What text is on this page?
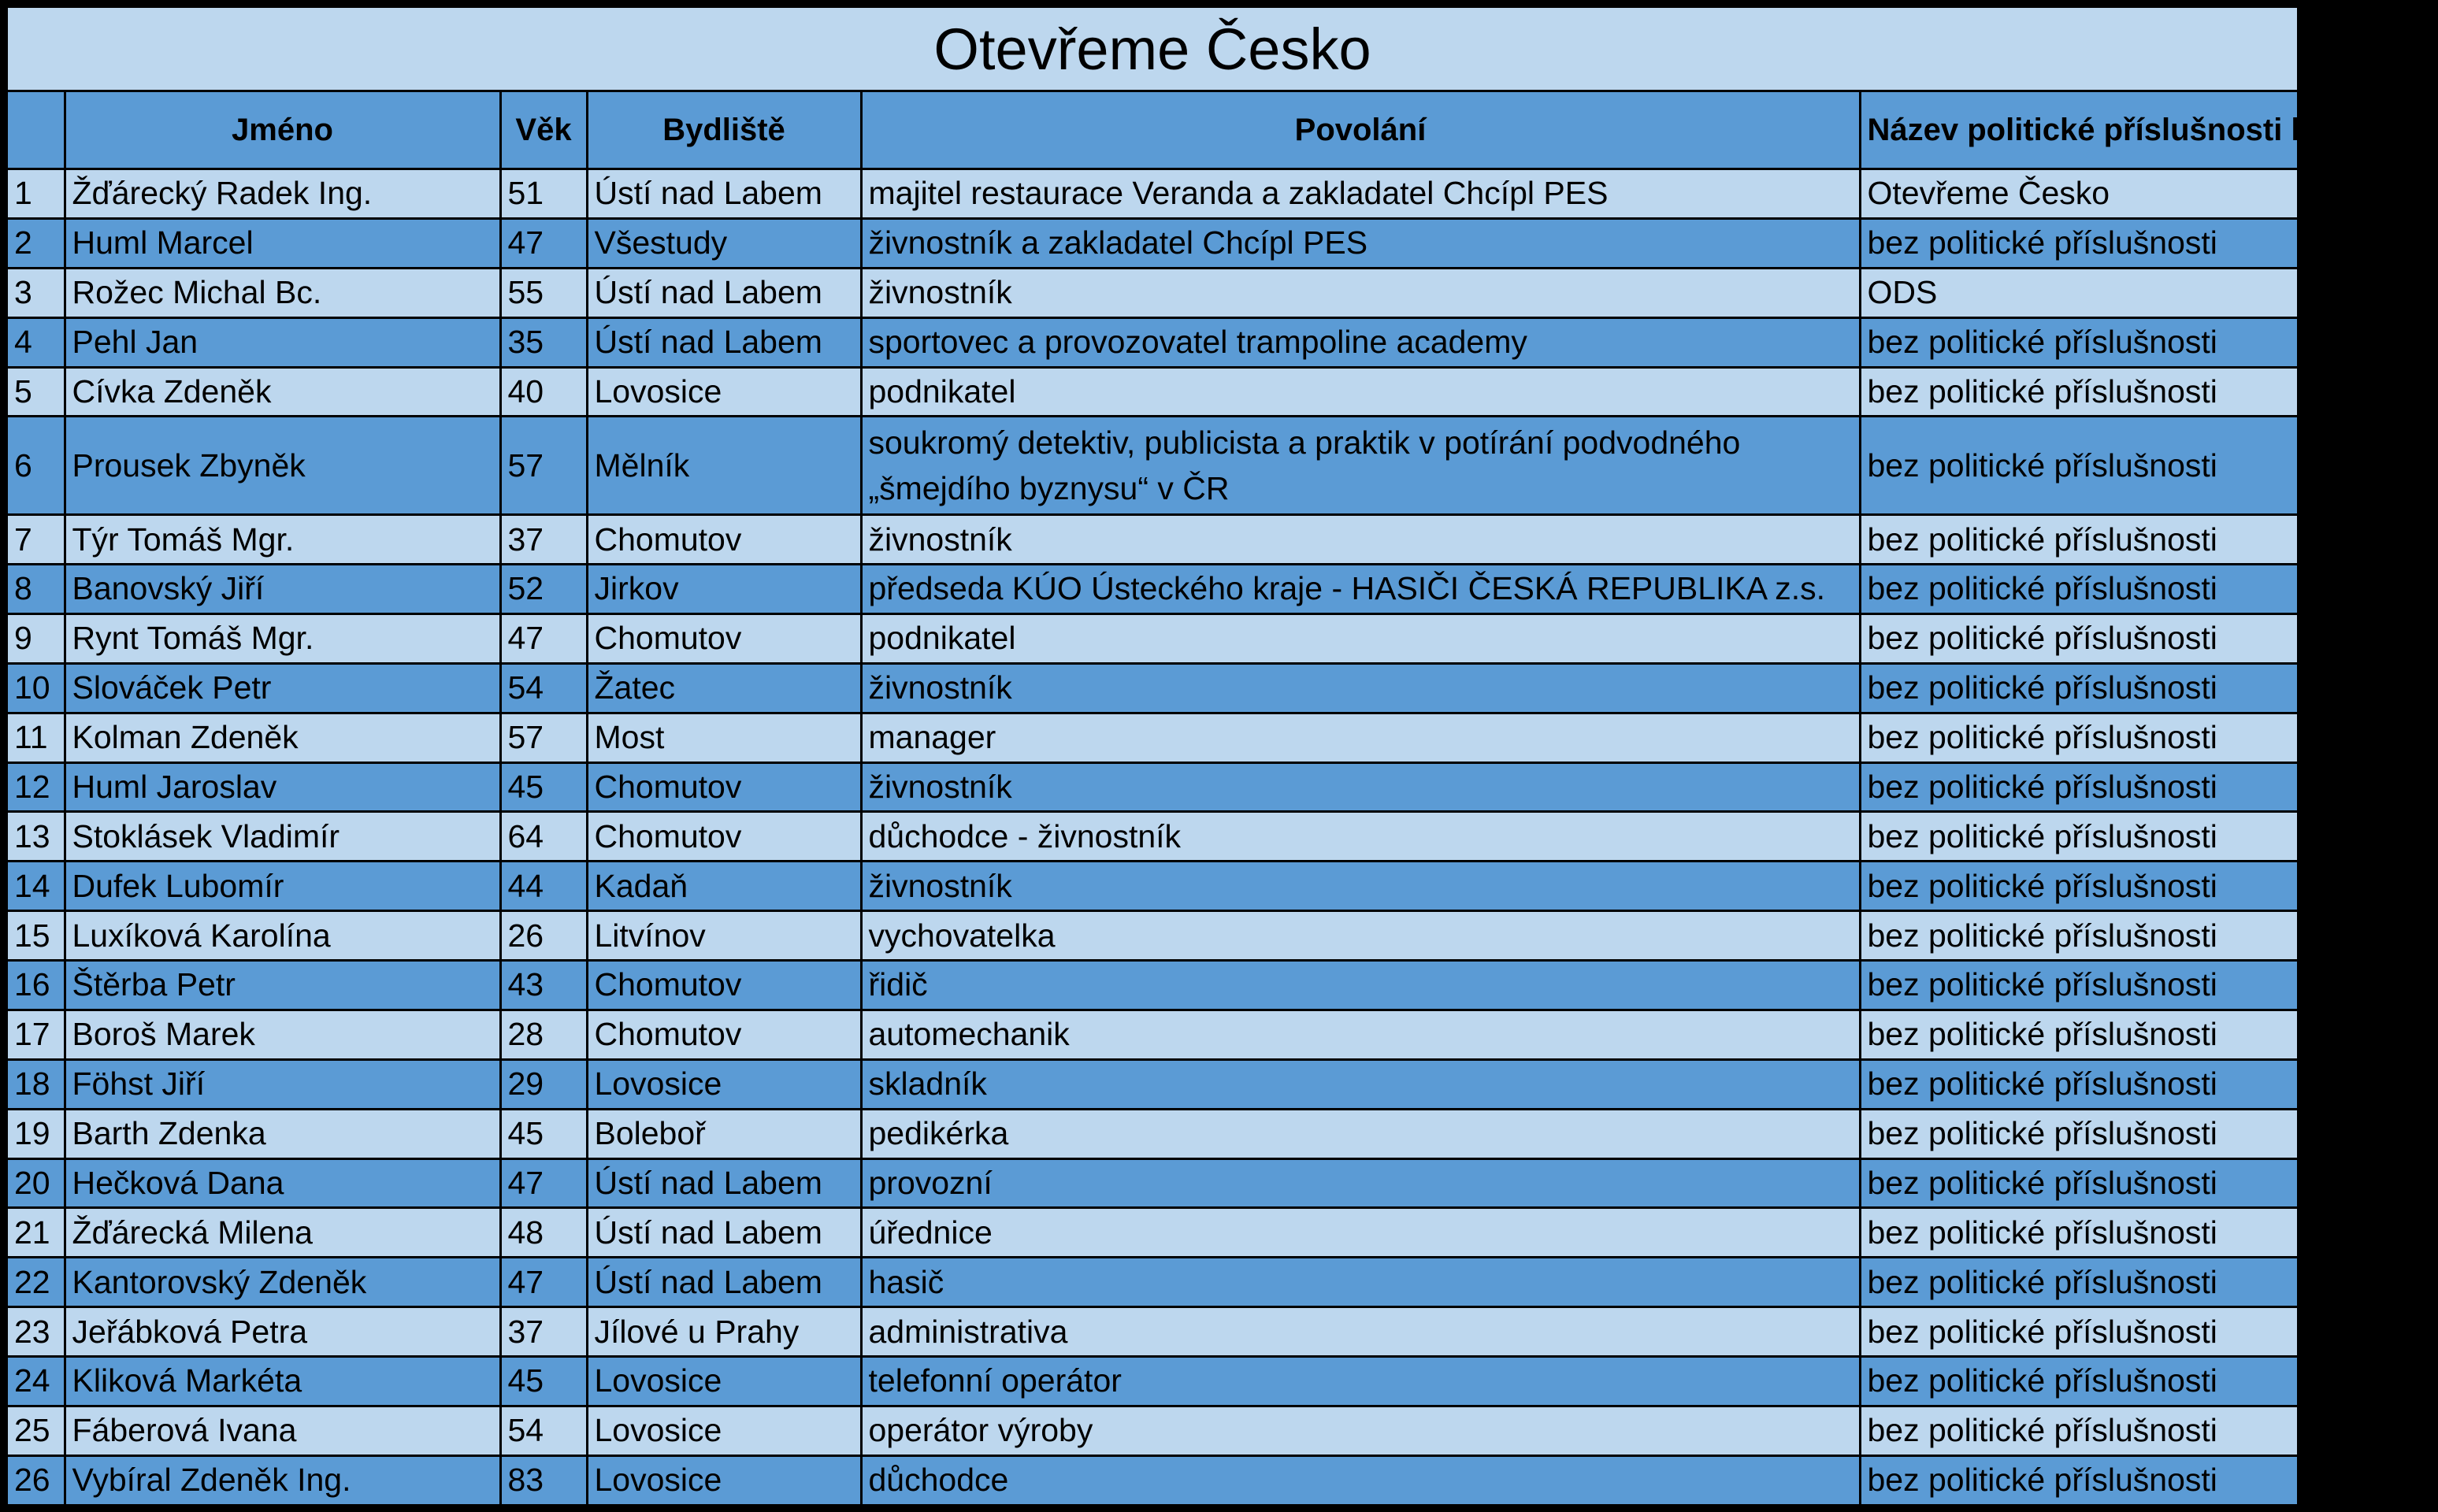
Otevřeme Česko					
	Jméno	Věk	Bydliště	Povolání	Název politické příslušnosti kandidáta
1	Žďárecký Radek Ing.	51	Ústí nad Labem	majitel restaurace Veranda a zakladatel Chcípl PES	Otevřeme Česko
2	Huml Marcel	47	Všestudy	živnostník a zakladatel Chcípl PES	bez politické příslušnosti
3	Rožec Michal Bc.	55	Ústí nad Labem	živnostník	ODS
4	Pehl Jan	35	Ústí nad Labem	sportovec a provozovatel trampoline academy	bez politické příslušnosti
5	Cívka Zdeněk	40	Lovosice	podnikatel	bez politické příslušnosti
6	Prousek Zbyněk	57	Mělník	soukromý detektiv, publicista a praktik v potírání podvodného „šmejdího byznysu“ v ČR	bez politické příslušnosti
7	Týr Tomáš Mgr.	37	Chomutov	živnostník	bez politické příslušnosti
8	Banovský Jiří	52	Jirkov	předseda KÚO Ústeckého kraje - HASIČI ČESKÁ REPUBLIKA z.s.	bez politické příslušnosti
9	Rynt Tomáš Mgr.	47	Chomutov	podnikatel	bez politické příslušnosti
10	Slováček Petr	54	Žatec	živnostník	bez politické příslušnosti
11	Kolman Zdeněk	57	Most	manager	bez politické příslušnosti
12	Huml Jaroslav	45	Chomutov	živnostník	bez politické příslušnosti
13	Stoklásek Vladimír	64	Chomutov	důchodce - živnostník	bez politické příslušnosti
14	Dufek Lubomír	44	Kadaň	živnostník	bez politické příslušnosti
15	Luxíková Karolína	26	Litvínov	vychovatelka	bez politické příslušnosti
16	Štěrba Petr	43	Chomutov	řidič	bez politické příslušnosti
17	Boroš Marek	28	Chomutov	automechanik	bez politické příslušnosti
18	Föhst Jiří	29	Lovosice	skladník	bez politické příslušnosti
19	Barth Zdenka	45	Boleboř	pedikérka	bez politické příslušnosti
20	Hečková Dana	47	Ústí nad Labem	provozní	bez politické příslušnosti
21	Žďárecká Milena	48	Ústí nad Labem	úřednice	bez politické příslušnosti
22	Kantorovský Zdeněk	47	Ústí nad Labem	hasič	bez politické příslušnosti
23	Jeřábková Petra	37	Jílové u Prahy	administrativa	bez politické příslušnosti
24	Kliková Markéta	45	Lovosice	telefonní operátor	bez politické příslušnosti
25	Fáberová Ivana	54	Lovosice	operátor výroby	bez politické příslušnosti
26	Vybíral Zdeněk Ing.	83	Lovosice	důchodce	bez politické příslušnosti
